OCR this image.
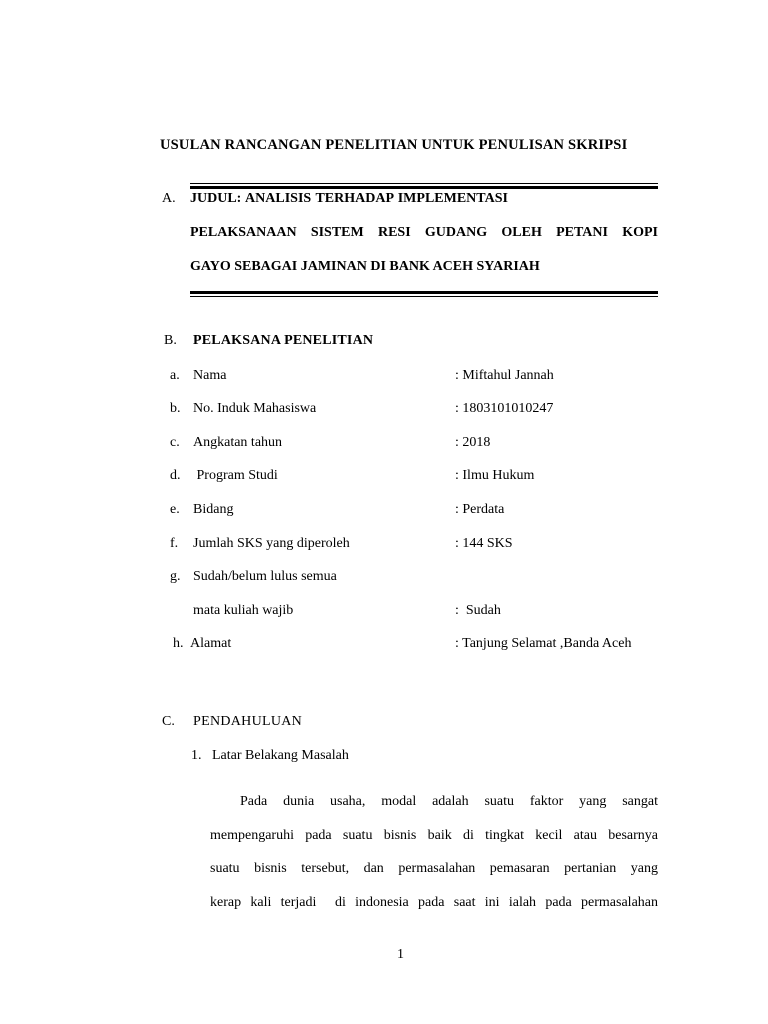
USULAN RANCANGAN PENELITIAN UNTUK PENULISAN SKRIPSI
A. JUDUL: ANALISIS TERHADAP IMPLEMENTASI
PELAKSANAAN SISTEM RESI GUDANG OLEH PETANI KOPI
GAYO SEBAGAI JAMINAN DI BANK ACEH SYARIAH
B. PELAKSANA PENELITIAN
a. Nama	: Miftahul Jannah
b. No. Induk Mahasiswa	: 1803101010247
c. Angkatan tahun	: 2018
d. Program Studi	: Ilmu Hukum
e. Bidang	: Perdata
f. Jumlah SKS yang diperoleh	: 144 SKS
g. Sudah/belum lulus semua
mata kuliah wajib	:  Sudah
h. Alamat	: Tanjung Selamat ,Banda Aceh
C. PENDAHULUAN
1. Latar Belakang Masalah
Pada dunia usaha, modal adalah suatu faktor yang sangat
mempengaruhi pada suatu bisnis baik di tingkat kecil atau besarnya
suatu bisnis tersebut, dan permasalahan pemasaran pertanian yang
kerap kali terjadi  di indonesia pada saat ini ialah pada permasalahan
1
